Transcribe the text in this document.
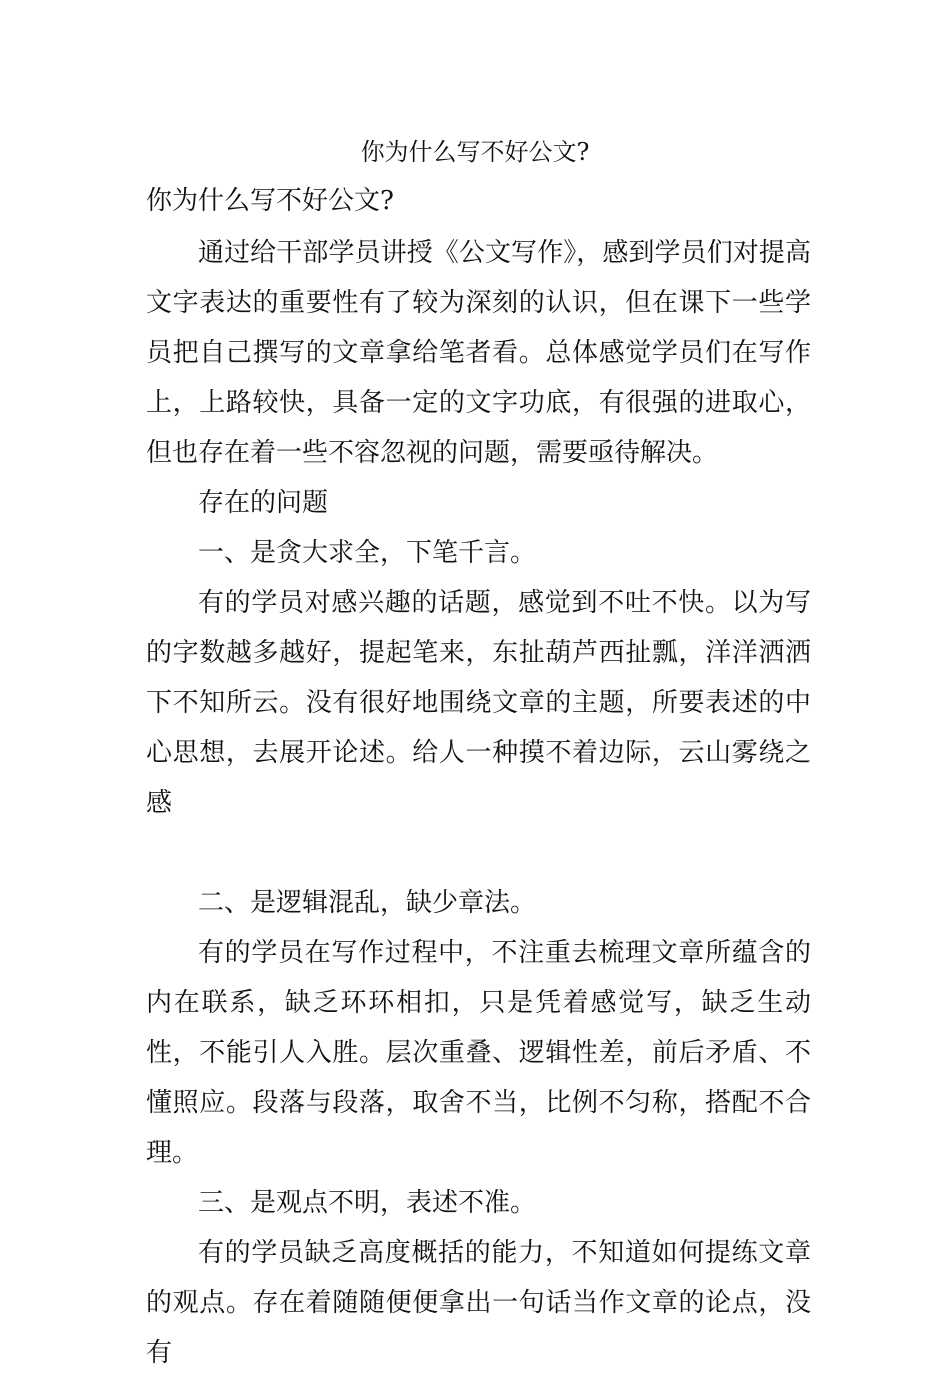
你为什么写不好公文?
你为什么写不好公文?

通过给干部学员讲授《公文写作》，感到学员们对提高文字表达的重要性有了较为深刻的认识，但在课下一些学员把自己撰写的文章拿给笔者看。总体感觉学员们在写作上，上路较快，具备一定的文字功底，有很强的进取心，但也存在着一些不容忽视的问题，需要亟待解决。

存在的问题

一、是贪大求全，下笔千言。

有的学员对感兴趣的话题，感觉到不吐不快。以为写的字数越多越好，提起笔来，东扯葫芦西扯瓢，洋洋洒洒下不知所云。没有很好地围绕文章的主题，所要表述的中心思想，去展开论述。给人一种摸不着边际，云山雾绕之感

二、是逻辑混乱，缺少章法。

有的学员在写作过程中，不注重去梳理文章所蕴含的内在联系，缺乏环环相扣，只是凭着感觉写，缺乏生动性，不能引人入胜。层次重叠、逻辑性差，前后矛盾、不懂照应。段落与段落，取舍不当，比例不匀称，搭配不合理。

三、是观点不明，表述不准。

有的学员缺乏高度概括的能力，不知道如何提练文章的观点。存在着随随便便拿出一句话当作文章的论点，没有
